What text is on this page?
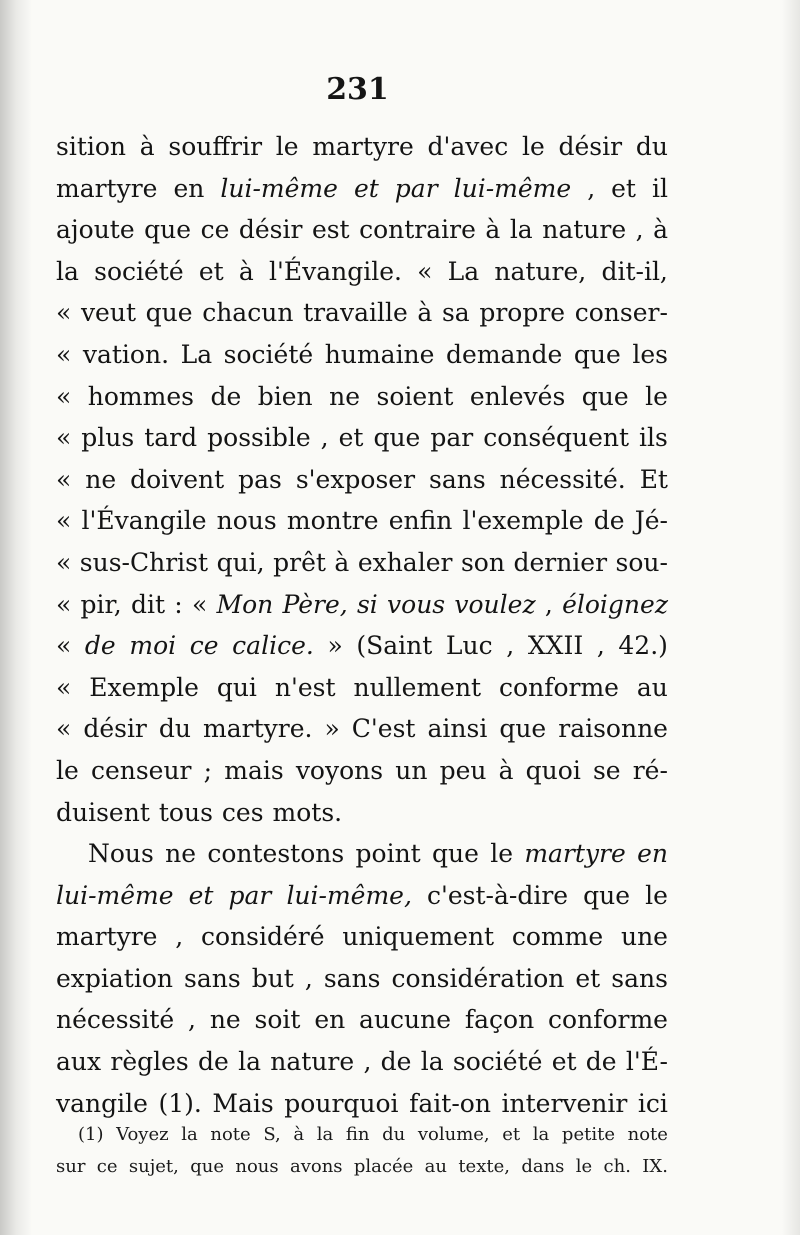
231
sition à souffrir le martyre d'avec le désir du
martyre en lui-même et par lui-même , et il
ajoute que ce désir est contraire à la nature , à
la société et à l'Évangile. « La nature, dit-il,
« veut que chacun travaille à sa propre conser-
« vation. La société humaine demande que les
« hommes de bien ne soient enlevés que le
« plus tard possible , et que par conséquent ils
« ne doivent pas s'exposer sans nécessité. Et
« l'Évangile nous montre enfin l'exemple de Jé-
« sus-Christ qui, prêt à exhaler son dernier sou-
« pir, dit : « Mon Père, si vous voulez , éloignez
« de moi ce calice. » (Saint Luc , XXII , 42.)
« Exemple qui n'est nullement conforme au
« désir du martyre. » C'est ainsi que raisonne
le censeur ; mais voyons un peu à quoi se ré-
duisent tous ces mots.
Nous ne contestons point que le martyre en
lui-même et par lui-même, c'est-à-dire que le
martyre , considéré uniquement comme une
expiation sans but , sans considération et sans
nécessité , ne soit en aucune façon conforme
aux règles de la nature , de la société et de l'É-
vangile (1). Mais pourquoi fait-on intervenir ici
(1) Voyez la note S, à la fin du volume, et la petite note
sur ce sujet, que nous avons placée au texte, dans le ch. IX.
